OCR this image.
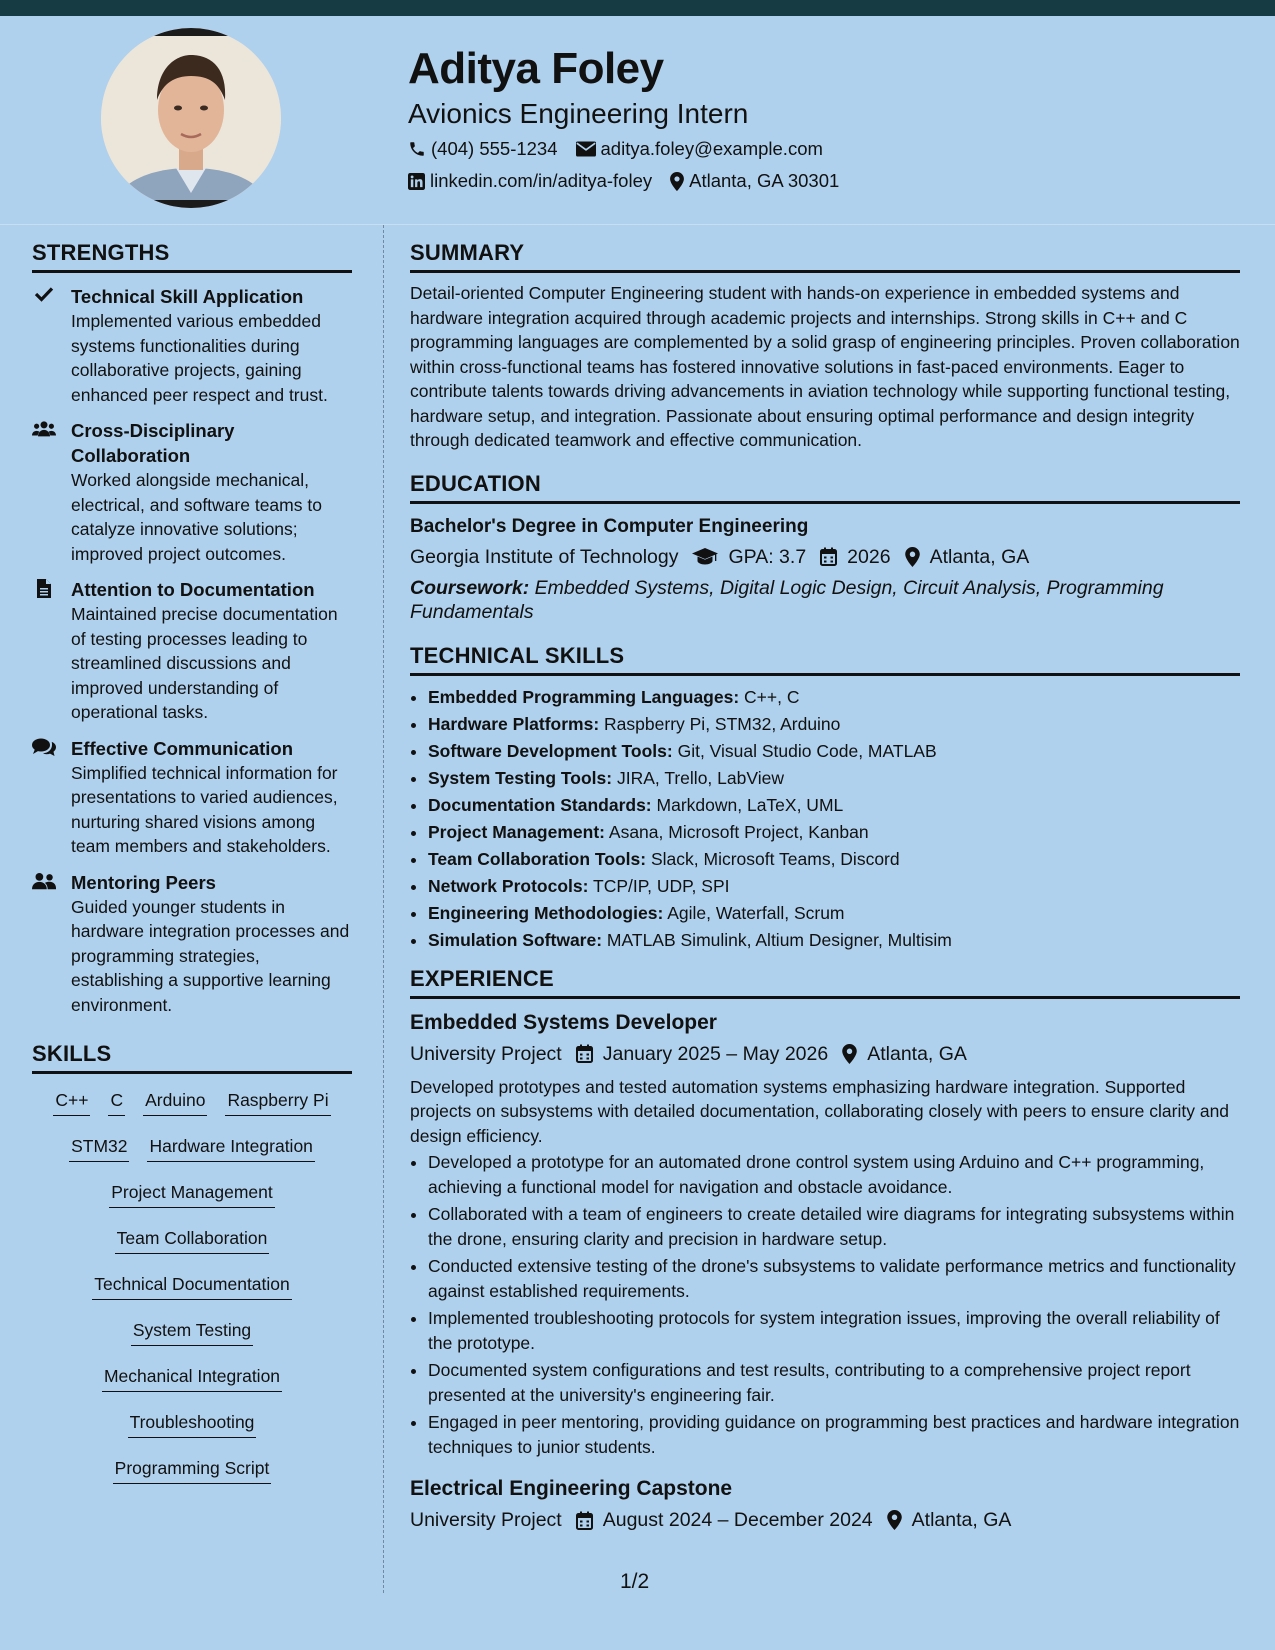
Aditya Foley
Avionics Engineering Intern
(404) 555-1234 aditya.foley@example.com
linkedin.com/in/aditya-foley Atlanta, GA 30301
STRENGTHS
Technical Skill Application
Implemented various embedded systems functionalities during collaborative projects, gaining enhanced peer respect and trust.
Cross-Disciplinary Collaboration
Worked alongside mechanical, electrical, and software teams to catalyze innovative solutions; improved project outcomes.
Attention to Documentation
Maintained precise documentation of testing processes leading to streamlined discussions and improved understanding of operational tasks.
Effective Communication
Simplified technical information for presentations to varied audiences, nurturing shared visions among team members and stakeholders.
Mentoring Peers
Guided younger students in hardware integration processes and programming strategies, establishing a supportive learning environment.
SKILLS
C++ C Arduino Raspberry Pi
STM32 Hardware Integration
Project Management
Team Collaboration
Technical Documentation
System Testing
Mechanical Integration
Troubleshooting
Programming Script
SUMMARY
Detail-oriented Computer Engineering student with hands-on experience in embedded systems and hardware integration acquired through academic projects and internships. Strong skills in C++ and C programming languages are complemented by a solid grasp of engineering principles. Proven collaboration within cross-functional teams has fostered innovative solutions in fast-paced environments. Eager to contribute talents towards driving advancements in aviation technology while supporting functional testing, hardware setup, and integration. Passionate about ensuring optimal performance and design integrity through dedicated teamwork and effective communication.
EDUCATION
Bachelor's Degree in Computer Engineering
Georgia Institute of Technology	GPA: 3.7 2026 Atlanta, GA
Coursework: Embedded Systems, Digital Logic Design, Circuit Analysis, Programming Fundamentals
TECHNICAL SKILLS
• Embedded Programming Languages: C++, C
• Hardware Platforms: Raspberry Pi, STM32, Arduino
• Software Development Tools: Git, Visual Studio Code, MATLAB
• System Testing Tools: JIRA, Trello, LabView
• Documentation Standards: Markdown, LaTeX, UML
• Project Management: Asana, Microsoft Project, Kanban
• Team Collaboration Tools: Slack, Microsoft Teams, Discord
• Network Protocols: TCP/IP, UDP, SPI
• Engineering Methodologies: Agile, Waterfall, Scrum
• Simulation Software: MATLAB Simulink, Altium Designer, Multisim
EXPERIENCE
Embedded Systems Developer
University Project January 2025 – May 2026 Atlanta, GA
Developed prototypes and tested automation systems emphasizing hardware integration. Supported projects on subsystems with detailed documentation, collaborating closely with peers to ensure clarity and design efficiency.
• Developed a prototype for an automated drone control system using Arduino and C++ programming, achieving a functional model for navigation and obstacle avoidance.
• Collaborated with a team of engineers to create detailed wire diagrams for integrating subsystems within the drone, ensuring clarity and precision in hardware setup.
• Conducted extensive testing of the drone's subsystems to validate performance metrics and functionality against established requirements.
• Implemented troubleshooting protocols for system integration issues, improving the overall reliability of the prototype.
• Documented system configurations and test results, contributing to a comprehensive project report presented at the university's engineering fair.
• Engaged in peer mentoring, providing guidance on programming best practices and hardware integration techniques to junior students.
Electrical Engineering Capstone
University Project August 2024 – December 2024 Atlanta, GA
1/2
